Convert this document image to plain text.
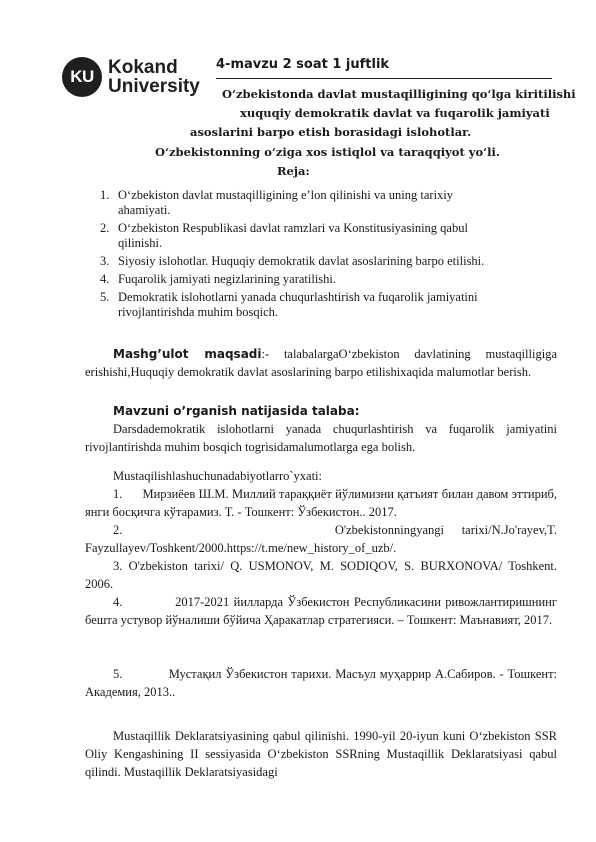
KU Kokand
University
4-mavzu 2 soat 1 juftlik
O‘zbekistonda davlat mustaqilligining qo‘lga kiritilishi
xuquqiy demokratik davlat va fuqarolik jamiyati
asoslarini barpo etish borasidagi islohotlar.
O‘zbekistonning o‘ziga xos istiqlol va taraqqiyot yo‘li.
Reja:
1. O‘zbekiston davlat mustaqilligining e’lon qilinishi va uning tarixiy
ahamiyati.
2. O‘zbekiston Respublikasi davlat ramzlari va Konstitusiyasining qabul
qilinishi.
3. Siyosiy islohotlar. Huquqiy demokratik davlat asoslarining barpo etilishi.
4. Fuqarolik jamiyati negizlarining yaratilishi.
5. Demokratik islohotlarni yanada chuqurlashtirish va fuqarolik jamiyatini
rivojlantirishda muhim bosqich.

Mashg’ulot maqsadi:- talabalargaO‘zbekiston davlatining mustaqilligiga erishishi,Huquqiy demokratik davlat asoslarining barpo etilishixaqida malumotlar berish.

Mavzuni o’rganish natijasida talaba:

Darsdademokratik islohotlarni yanada chuqurlashtirish va fuqarolik jamiyatini rivojlantirishda muhim bosqich togrisidamalumotlarga ega bolish.

Mustaqilishlashuchunadabiyotlarro`yxati:

1. Мирзиёев Ш.М. Миллий тараққиёт йўлимизни қатъият билан давом эттириб, янги босқичга кўтарамиз. Т. - Тошкент: Ўзбекистон.. 2017.

2.	O'zbekistonningyangi tarixi/N.Jo'rayev,T. Fayzullayev/Toshkent/2000.https://t.me/new_history_of_uzb/.

3. O'zbekiston tarixi/ Q. USMONOV, M. SODIQOV, S. BURXONOVA/ Toshkent. 2006.

4.	2017-2021 йилларда Ўзбекистон Республикасини ривожлантиришнинг бешта устувор йўналиши бўйича Ҳаракатлар стратегияси. – Тошкент: Маънавият, 2017.

5.	Мустақил Ўзбекистон тарихи. Масъул муҳаррир А.Сабиров. - Тошкент: Академия, 2013..

Mustaqillik Deklaratsiyasining qabul qilinishi. 1990-yil 20-iyun kuni O‘zbekiston SSR Oliy Kengashining II sessiyasida O‘zbekiston SSRning Mustaqillik Deklaratsiyasi qabul qilindi. Mustaqillik Deklaratsiyasidagi
